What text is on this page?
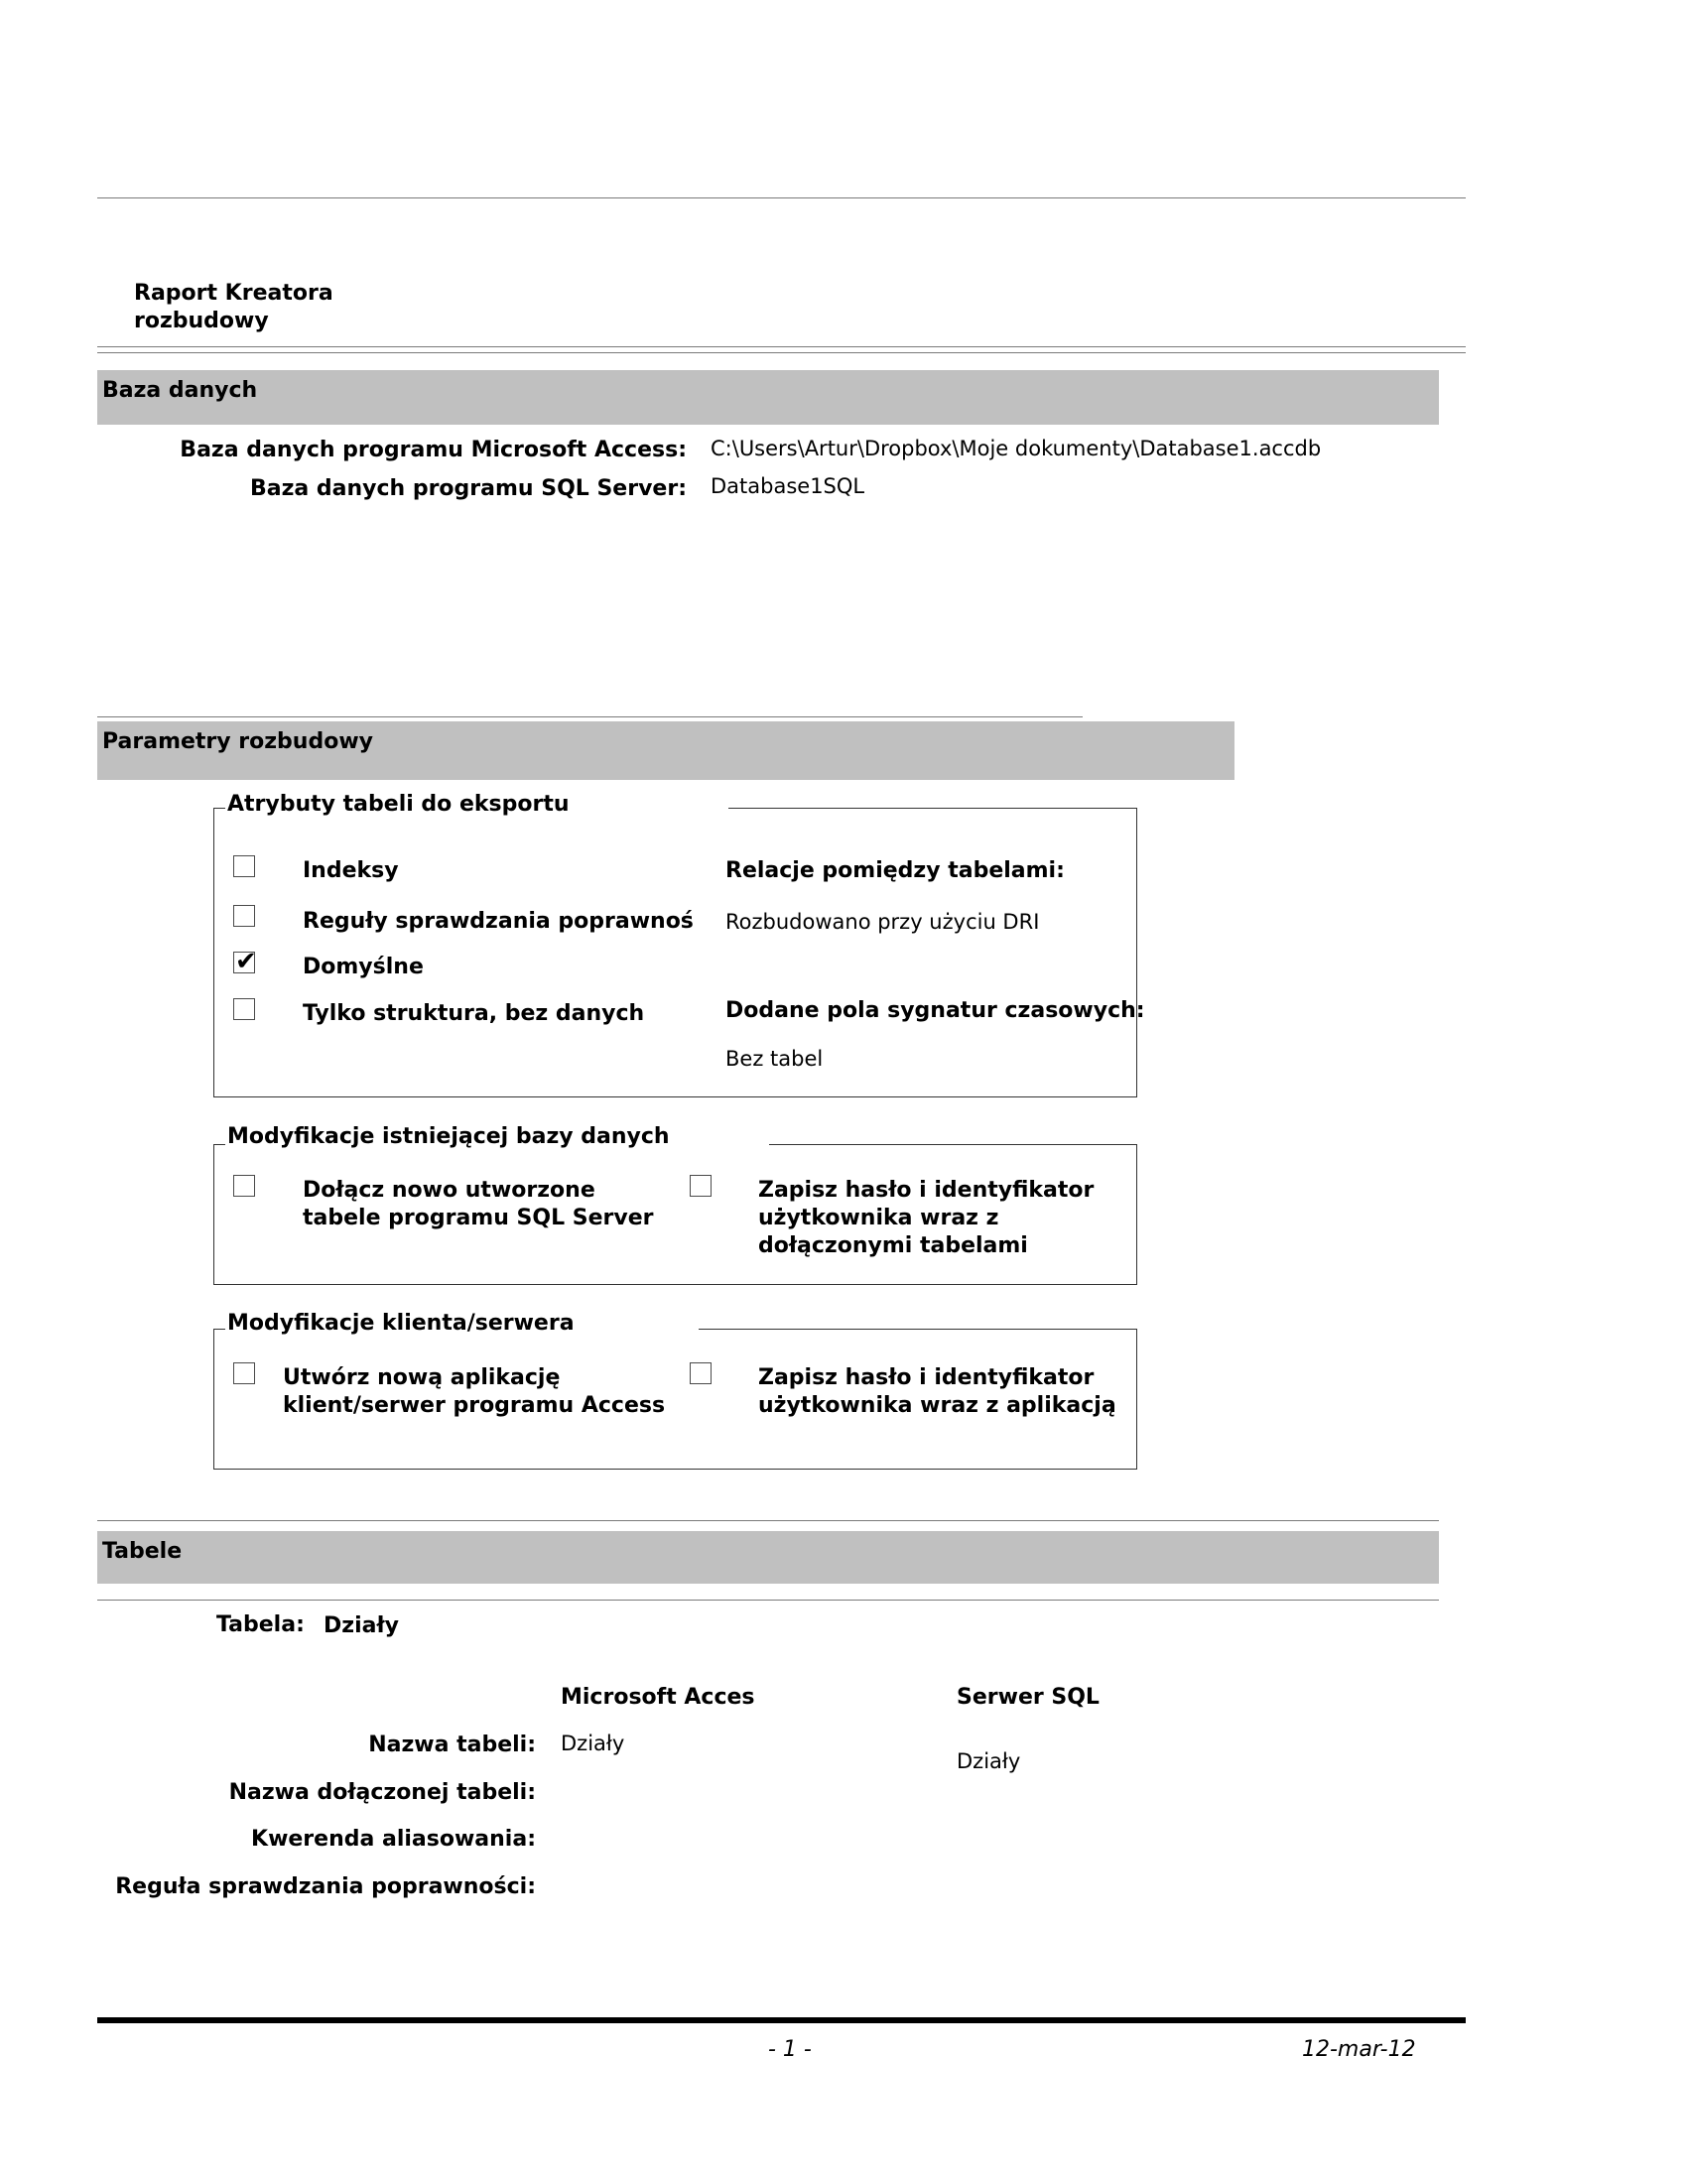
Raport Kreatora
rozbudowy
Baza danych
Baza danych programu Microsoft Access: C:\Users\Artur\Dropbox\Moje dokumenty\Database1.accdb
Baza danych programu SQL Server: Database1SQL
Parametry rozbudowy
Atrybuty tabeli do eksportu
Indeksy
Reguły sprawdzania poprawnoś
✔ Domyślne
Tylko struktura, bez danych
Relacje pomiędzy tabelami:
Rozbudowano przy użyciu DRI
Dodane pola sygnatur czasowych:
Bez tabel
Modyfikacje istniejącej bazy danych
Dołącz nowo utworzone
tabele programu SQL Server
Zapisz hasło i identyfikator
użytkownika wraz z
dołączonymi tabelami
Modyfikacje klienta/serwera
Utwórz nową aplikację
klient/serwer programu Access
Zapisz hasło i identyfikator
użytkownika wraz z aplikacją
Tabele
Tabela: Działy
Microsoft Acces	Serwer SQL
Nazwa tabeli: Działy
Działy
Nazwa dołączonej tabeli:
Kwerenda aliasowania:
Reguła sprawdzania poprawności:
- 1 -	12-mar-12
